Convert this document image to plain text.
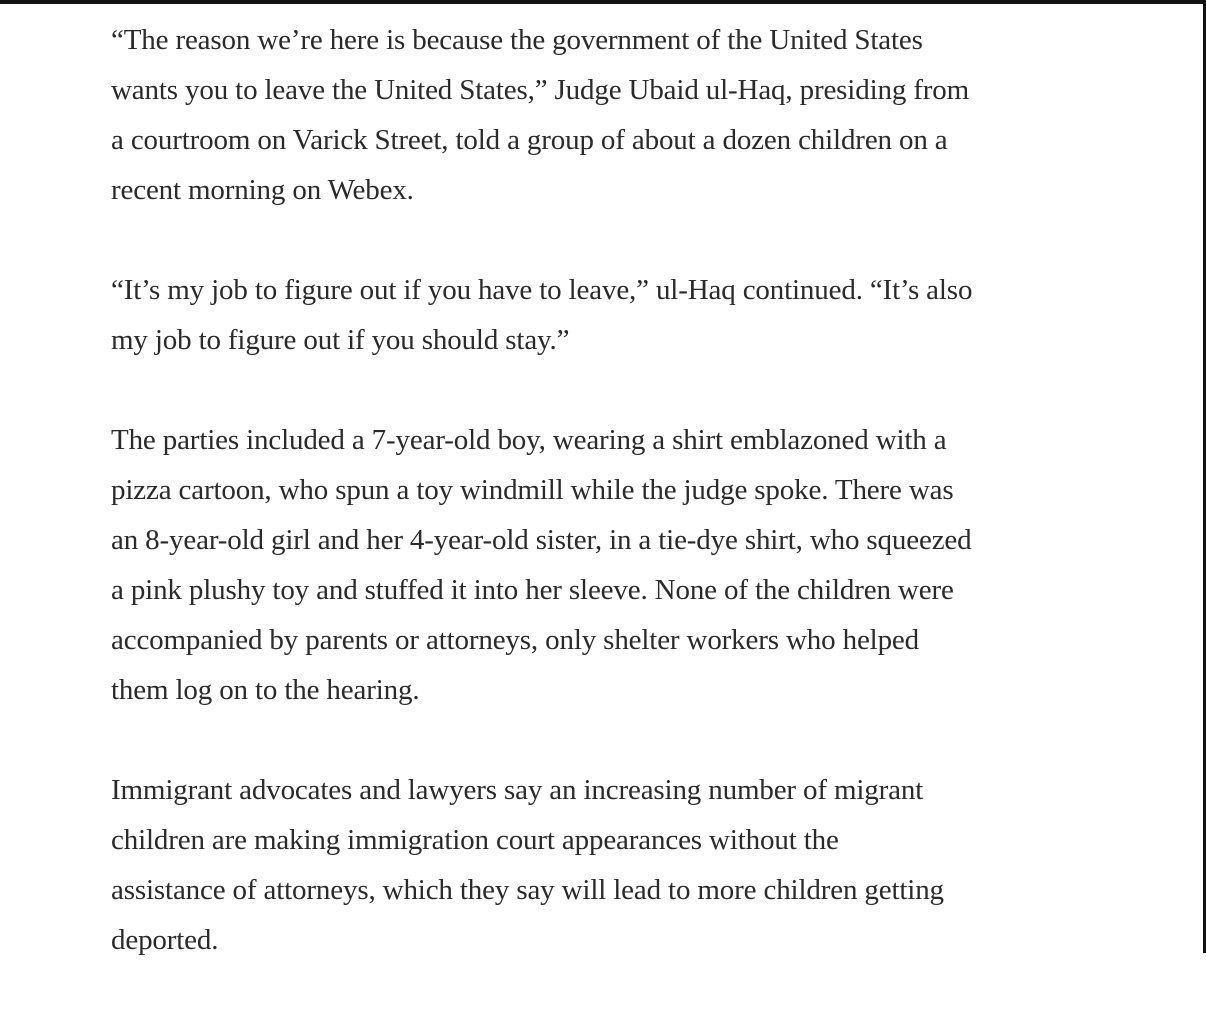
“The reason we’re here is because the government of the United States
wants you to leave the United States,” Judge Ubaid ul-Haq, presiding from
a courtroom on Varick Street, told a group of about a dozen children on a
recent morning on Webex.

“It’s my job to figure out if you have to leave,” ul-Haq continued. “It’s also
my job to figure out if you should stay.”

The parties included a 7-year-old boy, wearing a shirt emblazoned with a
pizza cartoon, who spun a toy windmill while the judge spoke. There was
an 8-year-old girl and her 4-year-old sister, in a tie-dye shirt, who squeezed
a pink plushy toy and stuffed it into her sleeve. None of the children were
accompanied by parents or attorneys, only shelter workers who helped
them log on to the hearing.

Immigrant advocates and lawyers say an increasing number of migrant
children are making immigration court appearances without the
assistance of attorneys, which they say will lead to more children getting
deported.
